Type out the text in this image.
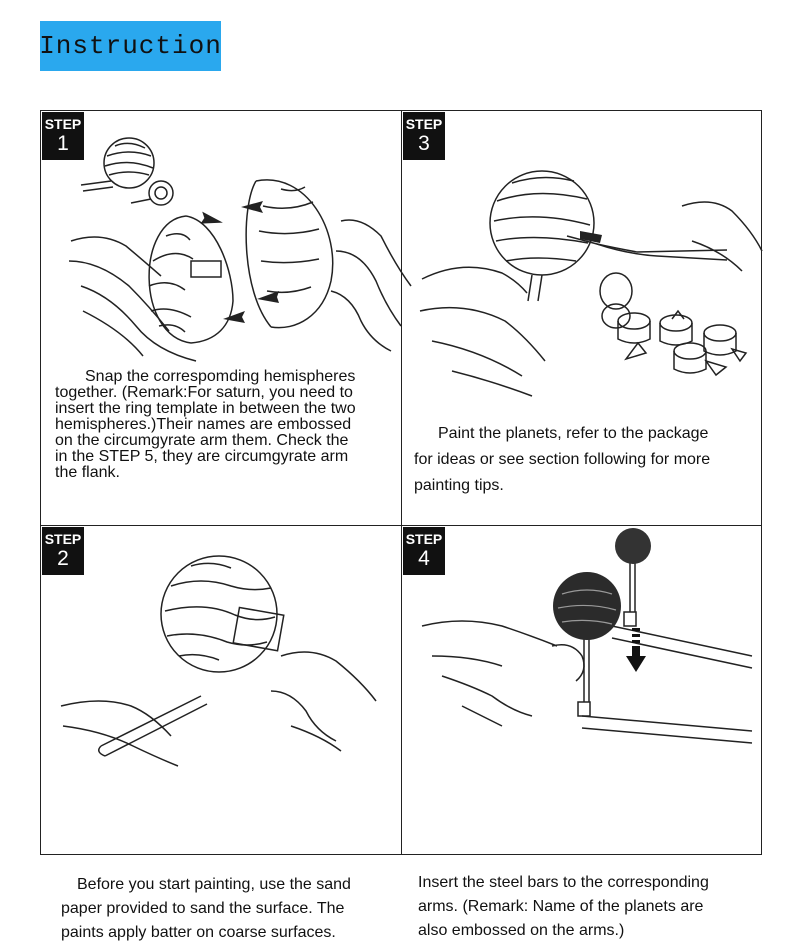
Instruction
STEP
1
Snap the correspomding hemispheres
together. (Remark:For saturn, you need to
insert the ring template in between the two
hemispheres.)Their names are embossed
on the circumgyrate arm them. Check the
in the STEP 5, they are circumgyrate arm
the flank.
STEP
3
Paint the planets, refer to the package
for ideas or see section following for more
painting tips.
STEP
2
Before you start painting, use the sand
paper provided to sand the surface. The
paints apply batter on coarse surfaces.
STEP
4
Insert the steel bars to the corresponding
arms. (Remark: Name of the planets are
also embossed on the arms.)
